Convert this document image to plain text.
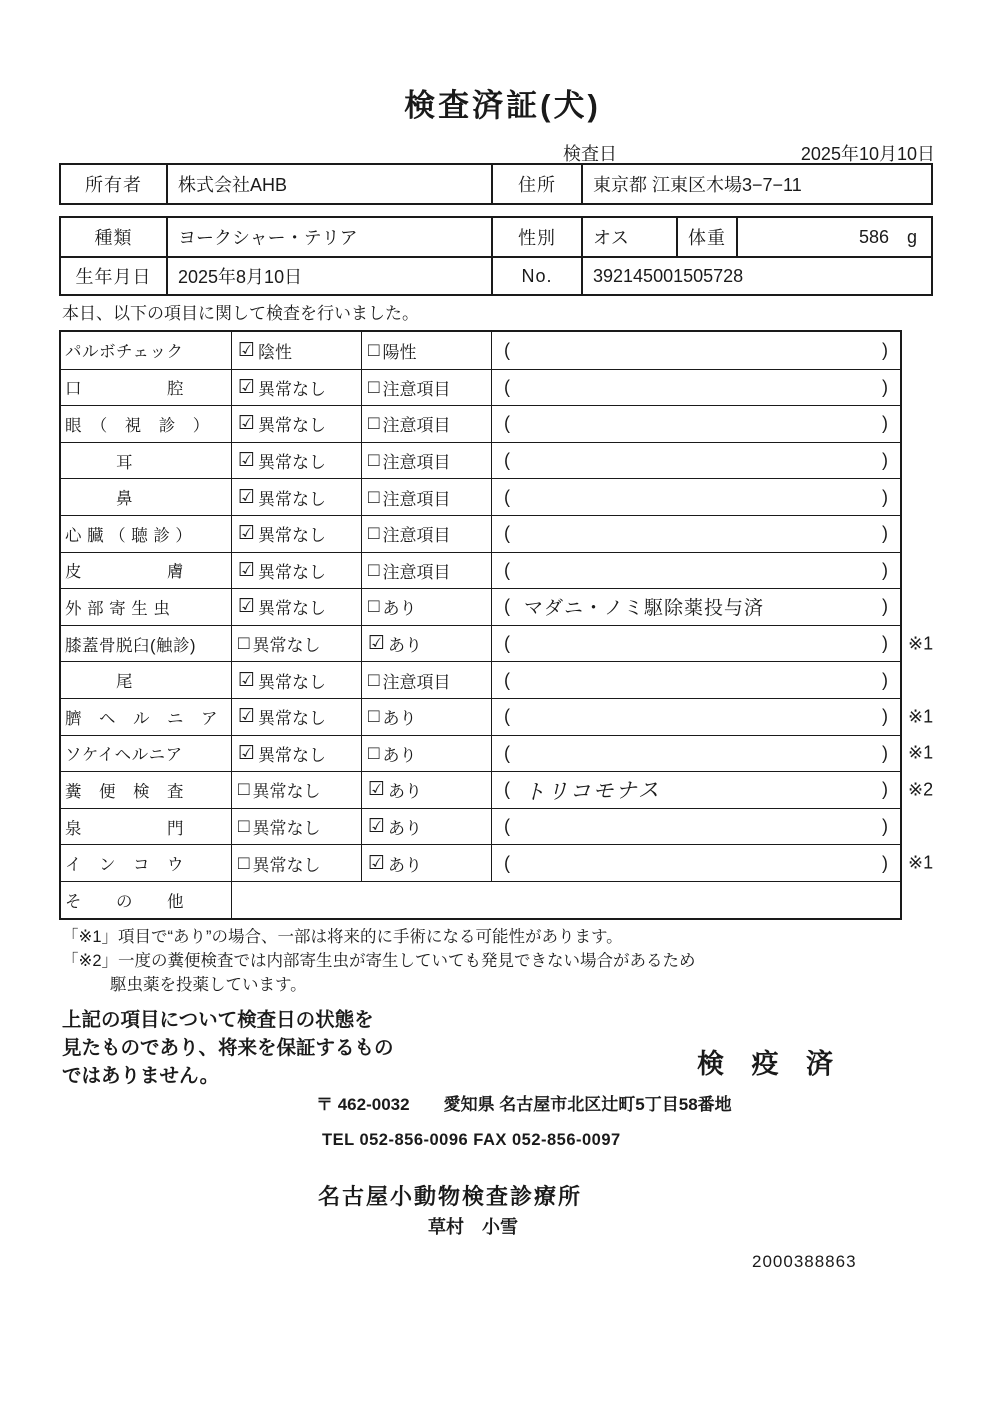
検査済証(犬)
検査日	2025年10月10日
所有者	株式会社AHB	住所	東京都 江東区木場3−7−11
種類	ヨークシャー・テリア	性別	オス	体重	586 g
生年月日	2025年8月10日	No.	392145001505728
本日、以下の項目に関して検査を行いました。
パルボチェック	☑ 陰性	□ 陽性	(	)
口　　　　　腔	☑ 異常なし □ 注意項目	(	)
眼　（　視　診　）	☑ 異常なし □ 注意項目	(	)
　　　耳	☑ 異常なし □ 注意項目	(	)
　　　鼻	☑ 異常なし □ 注意項目	(	)
心 臓 （ 聴 診 ）	☑ 異常なし □ 注意項目	(	)
皮　　　　　膚	☑ 異常なし □ 注意項目	(	)
外 部 寄 生 虫	☑ 異常なし □ あり	( マダニ・ノミ駆除薬投与済	)
膝蓋骨脱臼(触診)	□ 異常なし	☑ あり	(	) ※1
　　　尾	☑ 異常なし □ 注意項目	(	)
臍　ヘ　ル　ニ　ア	☑ 異常なし □ あり	(	) ※1
ソケイヘルニア	☑ 異常なし □ あり	(	) ※1
糞　便　検　査	□ 異常なし	☑ あり	( トリコモナス	) ※2
泉　　　　　門	□ 異常なし	☑ あり	(	)
イ　ン　コ　ウ	□ 異常なし	☑ あり	(	) ※1
そ　　の　　他
「※1」項目で“あり”の場合、一部は将来的に手術になる可能性があります。
「※2」一度の糞便検査では内部寄生虫が寄生していても発見できない場合があるため
駆虫薬を投薬しています。
上記の項目について検査日の状態を
見たものであり、将来を保証するもの
ではありません。	検 疫 済
〒 462-0032　　愛知県 名古屋市北区辻町5丁目58番地
TEL 052-856-0096 FAX 052-856-0097
名古屋小動物検査診療所
草村　小雪
2000388863
